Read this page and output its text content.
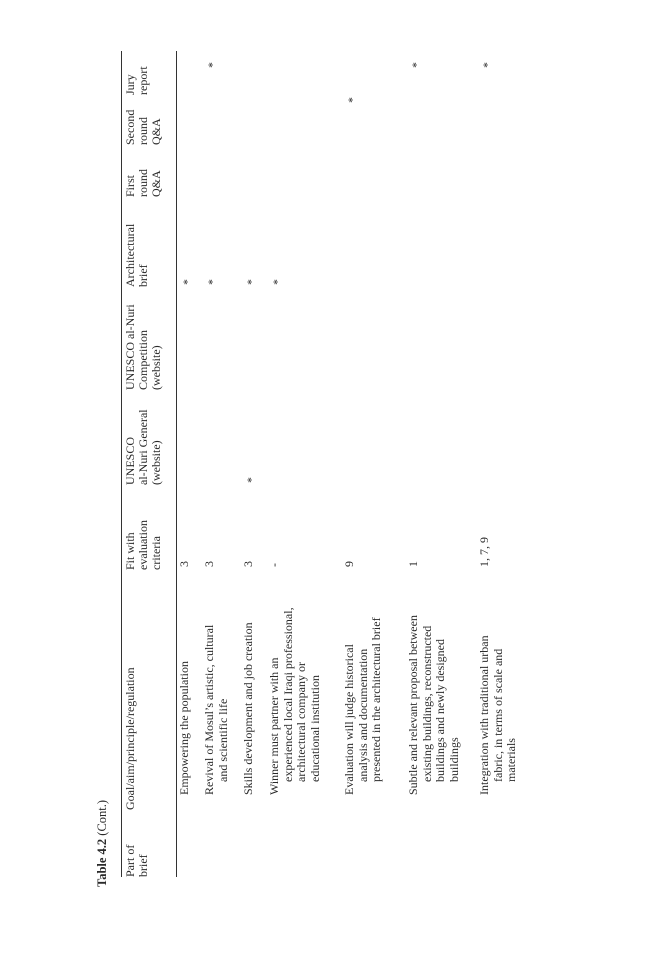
Table 4.2 (Cont.)
Part of brief
Goal/aim/principle/regulation
Fit with evaluation criteria
UNESCO al-Nuri General (website)
UNESCO al-Nuri Competition (website)
Architectural brief
First round Q&A
Second round Q&A
Jury report
Empowering the population
3
*
Revival of Mosul’s artistic, cultural and scientific life
3
*
*
Skills development and job creation
3
*
*
Winner must partner with an experienced local Iraqi professional, architectural company or educational institution
-
*
Evaluation will judge historical analysis and documentation presented in the architectural brief
9
*
Subtle and relevant proposal between existing buildings, reconstructed buildings and newly designed buildings
1
*
Integration with traditional urban fabric, in terms of scale and materials
1, 7, 9
*
